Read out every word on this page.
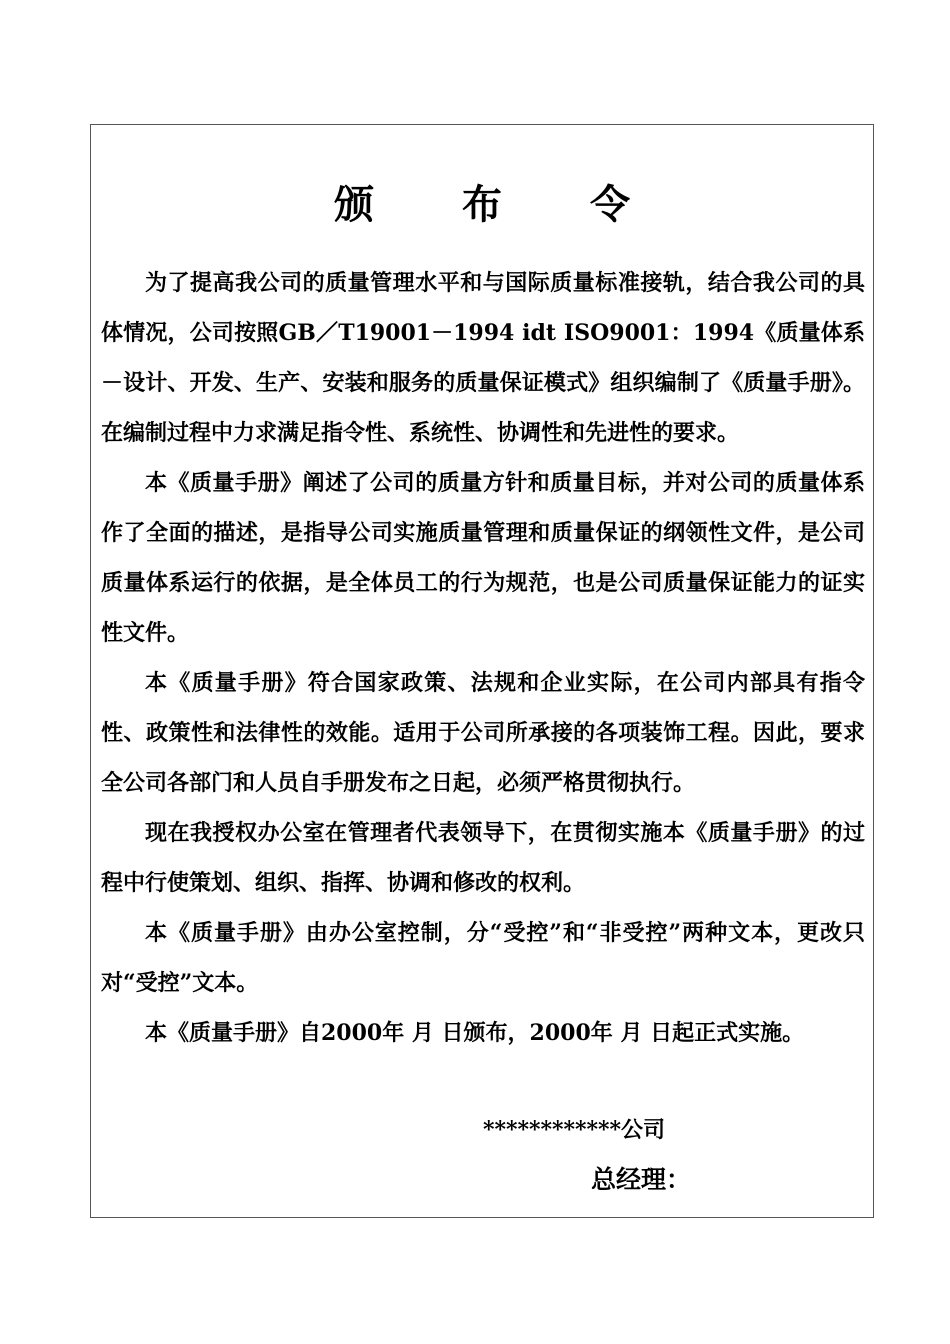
颁 布 令

为了提高我公司的质量管理水平和与国际质量标准接轨，结合我公司的具体情况，公司按照GB／T19001－1994 idt ISO9001：1994《质量体系－设计、开发、生产、安装和服务的质量保证模式》组织编制了《质量手册》。在编制过程中力求满足指令性、系统性、协调性和先进性的要求。

本《质量手册》阐述了公司的质量方针和质量目标，并对公司的质量体系作了全面的描述，是指导公司实施质量管理和质量保证的纲领性文件，是公司质量体系运行的依据，是全体员工的行为规范，也是公司质量保证能力的证实性文件。

本《质量手册》符合国家政策、法规和企业实际，在公司内部具有指令性、政策性和法律性的效能。适用于公司所承接的各项装饰工程。因此，要求全公司各部门和人员自手册发布之日起，必须严格贯彻执行。

现在我授权办公室在管理者代表领导下，在贯彻实施本《质量手册》的过程中行使策划、组织、指挥、协调和修改的权利。

本《质量手册》由办公室控制，分“受控”和“非受控”两种文本，更改只对“受控”文本。

本《质量手册》自2000年 月 日颁布，2000年 月 日起正式实施。

************公司
总经理：
